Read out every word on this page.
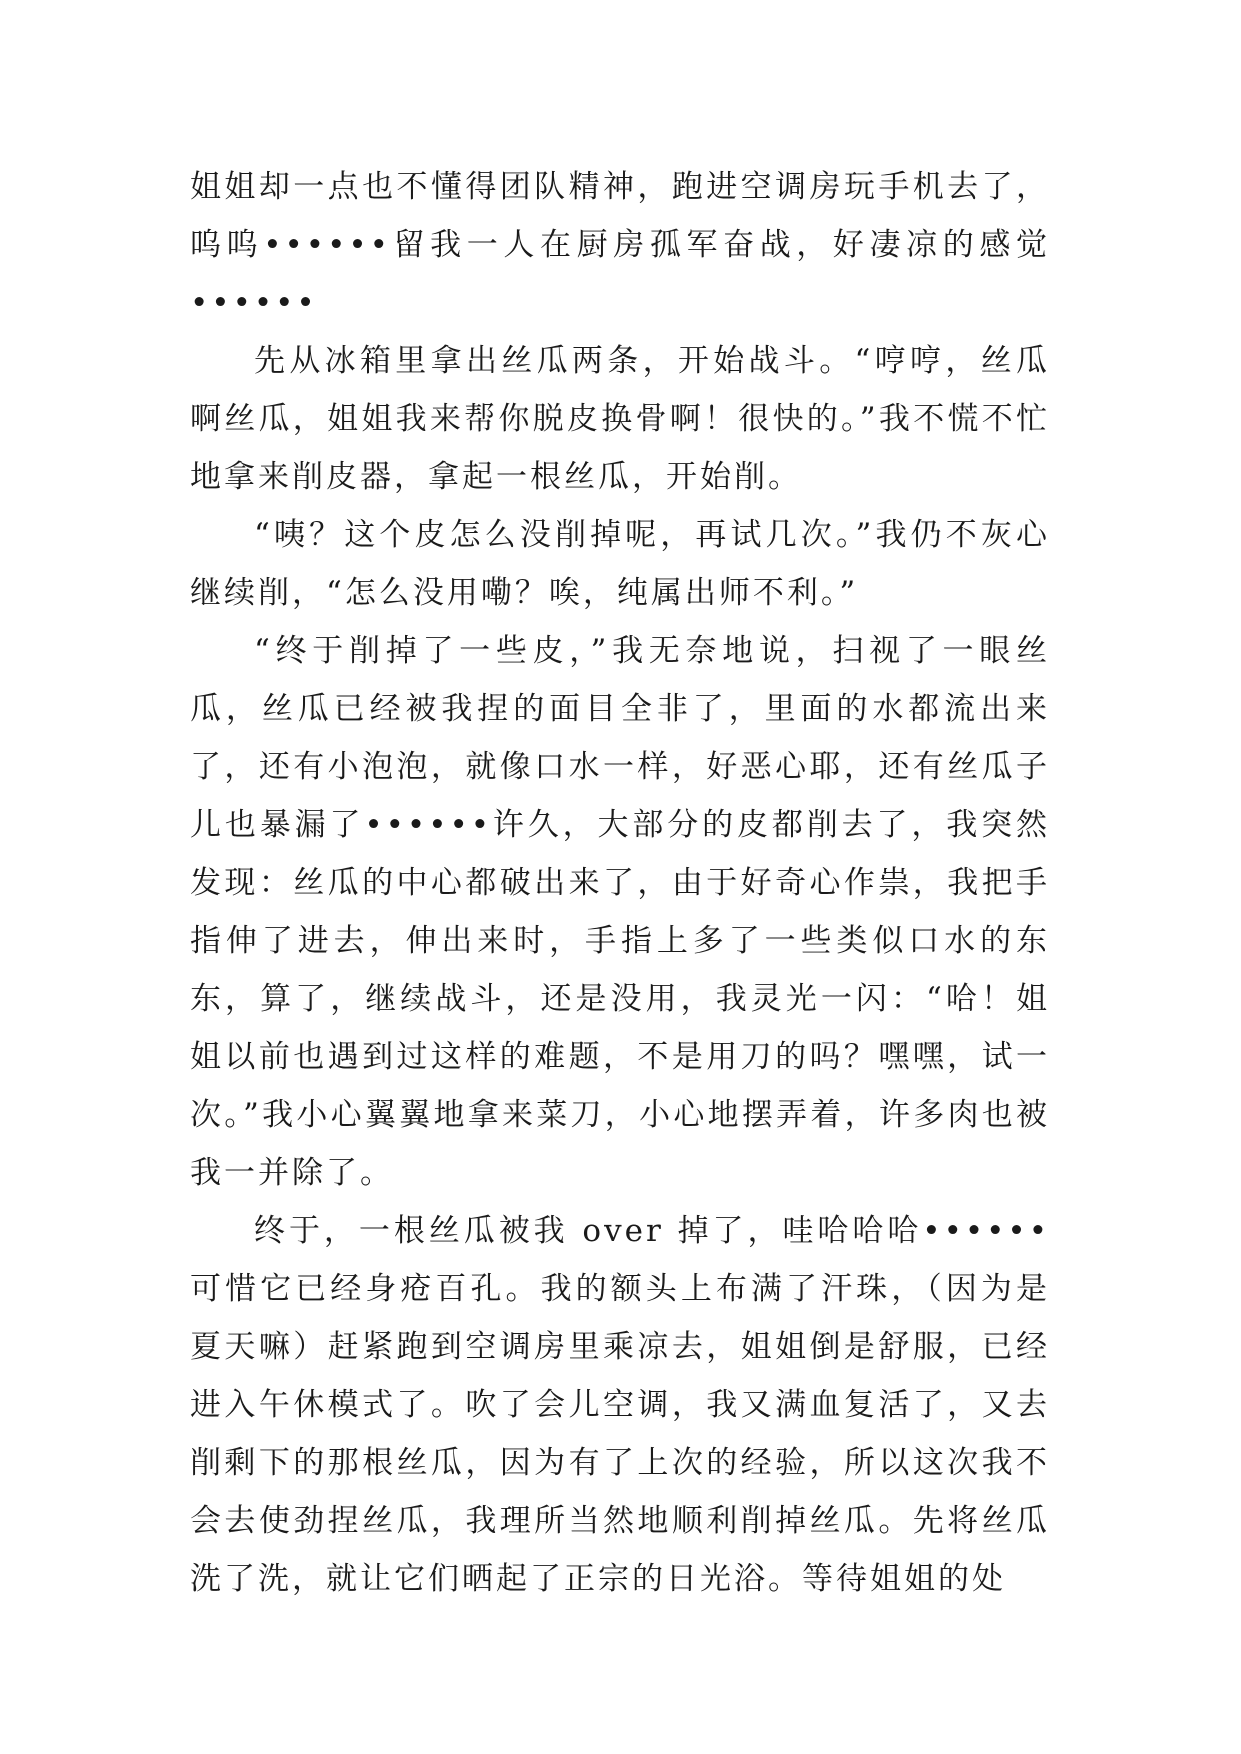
姐姐却一点也不懂得团队精神，跑进空调房玩手机去了，呜呜••••••留我一人在厨房孤军奋战，好凄凉的感觉••••••

先从冰箱里拿出丝瓜两条，开始战斗。“哼哼，丝瓜啊丝瓜，姐姐我来帮你脱皮换骨啊！很快的。”我不慌不忙地拿来削皮器，拿起一根丝瓜，开始削。

“咦？这个皮怎么没削掉呢，再试几次。”我仍不灰心继续削，“怎么没用嘞？唉，纯属出师不利。”

“终于削掉了一些皮，”我无奈地说，扫视了一眼丝瓜，丝瓜已经被我捏的面目全非了，里面的水都流出来了，还有小泡泡，就像口水一样，好恶心耶，还有丝瓜子儿也暴漏了••••••许久，大部分的皮都削去了，我突然发现：丝瓜的中心都破出来了，由于好奇心作祟，我把手指伸了进去，伸出来时，手指上多了一些类似口水的东东，算了，继续战斗，还是没用，我灵光一闪：“哈！姐姐以前也遇到过这样的难题，不是用刀的吗？嘿嘿，试一次。”我小心翼翼地拿来菜刀，小心地摆弄着，许多肉也被我一并除了。

终于，一根丝瓜被我 over 掉了，哇哈哈哈••••••可惜它已经身疮百孔。我的额头上布满了汗珠，（因为是夏天嘛）赶紧跑到空调房里乘凉去，姐姐倒是舒服，已经进入午休模式了。吹了会儿空调，我又满血复活了，又去削剩下的那根丝瓜，因为有了上次的经验，所以这次我不会去使劲捏丝瓜，我理所当然地顺利削掉丝瓜。先将丝瓜洗了洗，就让它们晒起了正宗的日光浴。等待姐姐的处
